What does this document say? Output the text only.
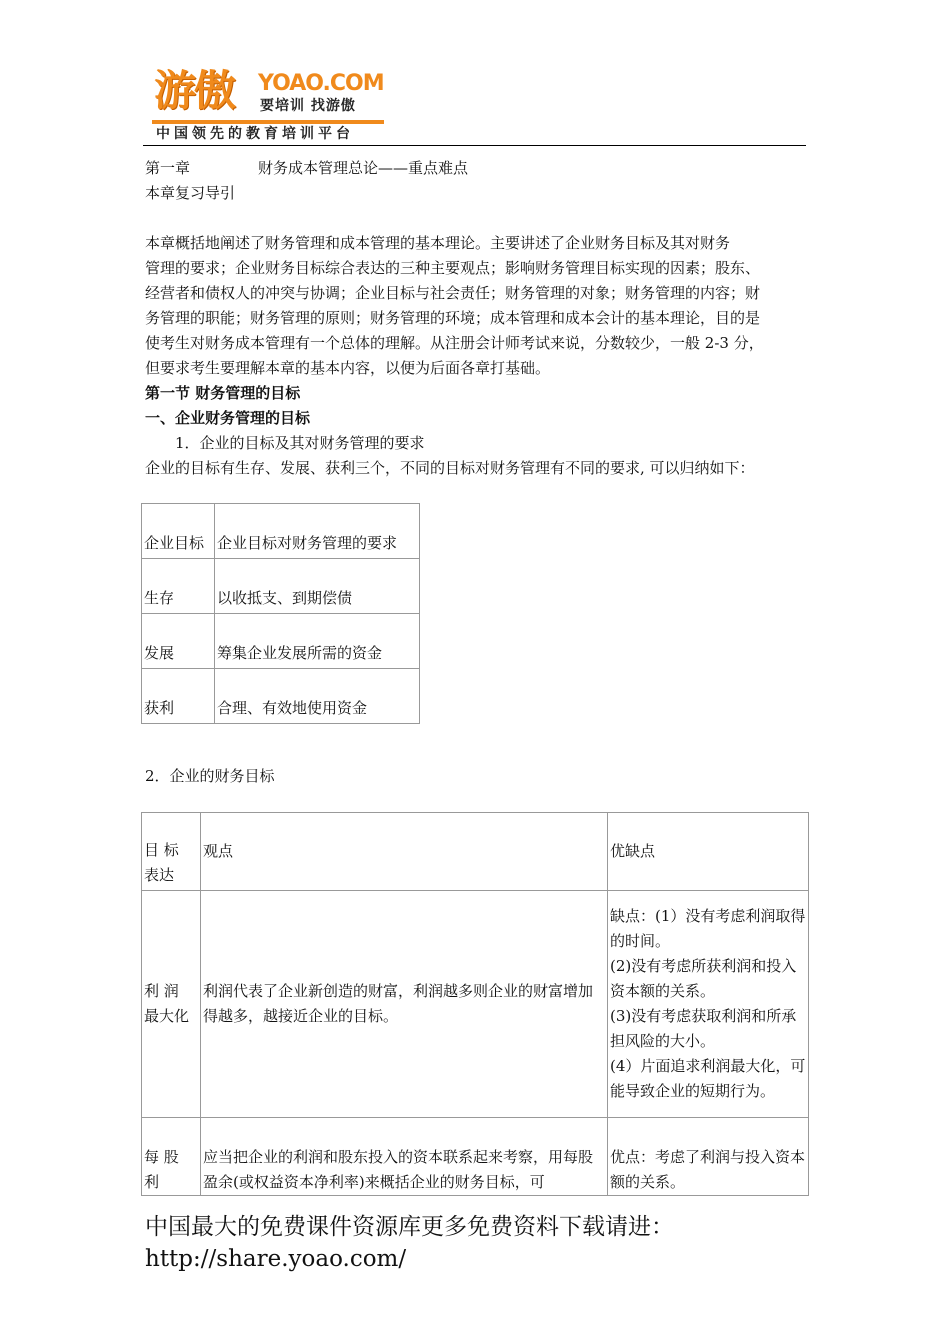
游傲 YOAO.COM
要培训 找游傲
中国领先的教育培训平台
第一章	财务成本管理总论——重点难点
本章复习导引
本章概括地阐述了财务管理和成本管理的基本理论。主要讲述了企业财务目标及其对财务
管理的要求；企业财务目标综合表达的三种主要观点；影响财务管理目标实现的因素；股东、
经营者和债权人的冲突与协调；企业目标与社会责任；财务管理的对象；财务管理的内容；财
务管理的职能；财务管理的原则；财务管理的环境；成本管理和成本会计的基本理论，目的是
使考生对财务成本管理有一个总体的理解。从注册会计师考试来说，分数较少，一般 2-3 分，
但要求考生要理解本章的基本内容，以便为后面各章打基础。
第一节 财务管理的目标
一、企业财务管理的目标
1．企业的目标及其对财务管理的要求
企业的目标有生存、发展、获利三个，不同的目标对财务管理有不同的要求, 可以归纳如下：
企业目标	企业目标对财务管理的要求
生存	以收抵支、到期偿债
发展	筹集企业发展所需的资金
获利	合理、有效地使用资金
2．企业的财务目标
目 标 表达	观点	优缺点
利 润 最大化	利润代表了企业新创造的财富，利润越多则企业的财富增加得越多，越接近企业的目标。	缺点：(1）没有考虑利润取得的时间。
(2)没有考虑所获利润和投入资本额的关系。
(3)没有考虑获取利润和所承担风险的大小。
(4）片面追求利润最大化，可能导致企业的短期行为。

每 股 利	应当把企业的利润和股东投入的资本联系起来考察，用每股盈余(或权益资本净利率)来概括企业的财务目标，可	优点：考虑了利润与投入资本额的关系。
中国最大的免费课件资源库更多免费资料下载请进：http://share.yoao.com/
